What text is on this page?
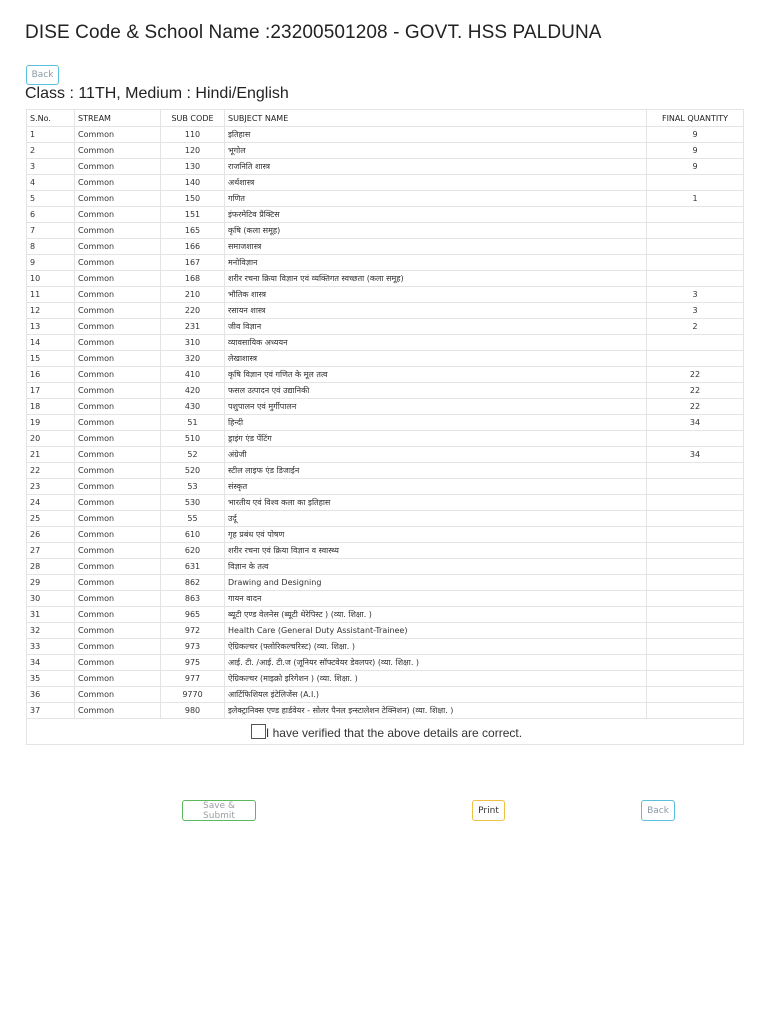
DISE Code & School Name :23200501208 - GOVT. HSS PALDUNA
Back
Class : 11TH, Medium : Hindi/English
S.No.	STREAM	SUB CODE	SUBJECT NAME	FINAL QUANTITY
1	Common	110	इतिहास	9
2	Common	120	भूगोल	9
3	Common	130	राजनिति शास्त्र	9
4	Common	140	अर्थशास्त्र	
5	Common	150	गणित	1
6	Common	151	इंफरमेटिव प्रैक्टिस	
7	Common	165	कृषि (कला समूह)	
8	Common	166	समाजशास्त्र	
9	Common	167	मनोविज्ञान	
10	Common	168	शरीर रचना क्रिया विज्ञान एवं व्यक्तिगत स्वच्छता (कला समूह)	
11	Common	210	भौतिक शास्त्र	3
12	Common	220	रसायन शास्त्र	3
13	Common	231	जीव विज्ञान	2
14	Common	310	व्यावसायिक अध्ययन	
15	Common	320	लेखाशास्त्र	
16	Common	410	कृषि विज्ञान एवं गणित के मूल तत्व	22
17	Common	420	फसल उत्पादन एवं उद्यानिकी	22
18	Common	430	पशुपालन एवं मुर्गीपालन	22
19	Common	51	हिन्दी	34
20	Common	510	ड्राइंग एंड पेंटिंग	
21	Common	52	अंग्रेजी	34
22	Common	520	स्टील लाइफ एंड डिजाईन	
23	Common	53	संस्कृत	
24	Common	530	भारतीय एवं विश्व कला का इतिहास	
25	Common	55	उर्दू	
26	Common	610	गृह प्रबंध एवं पोषण	
27	Common	620	शरीर रचना एवं क्रिया विज्ञान व स्वास्थ्य	
28	Common	631	विज्ञान के तत्व	
29	Common	862	Drawing and Designing	
30	Common	863	गायन वादन	
31	Common	965	ब्यूटी एण्ड वेलनेस (ब्यूटी थेरेपिस्ट ) (व्या. शिक्षा. )	
32	Common	972	Health Care (General Duty Assistant-Trainee)	
33	Common	973	ऐग्रिकल्चर (फ्लोरिकल्चरिस्ट) (व्या. शिक्षा. )	
34	Common	975	आई. टी. /आई. टी.ज (जूनियर सॉफ्टवेयर डेवलपर) (व्या. शिक्षा. )	
35	Common	977	ऐग्रिकल्चर (माइक्रो इरिगेशन ) (व्या. शिक्षा. )	
36	Common	9770	आर्टिफिशियल इंटेलिजेंस (A.I.)	
37	Common	980	इलेक्ट्रानिक्स एण्ड हार्डवेयर - सोलर पैनल इन्स्टालेशन टेक्निशन) (व्या. शिक्षा. )	
I have verified that the above details are correct.				
Save & Submit	Print	Back
